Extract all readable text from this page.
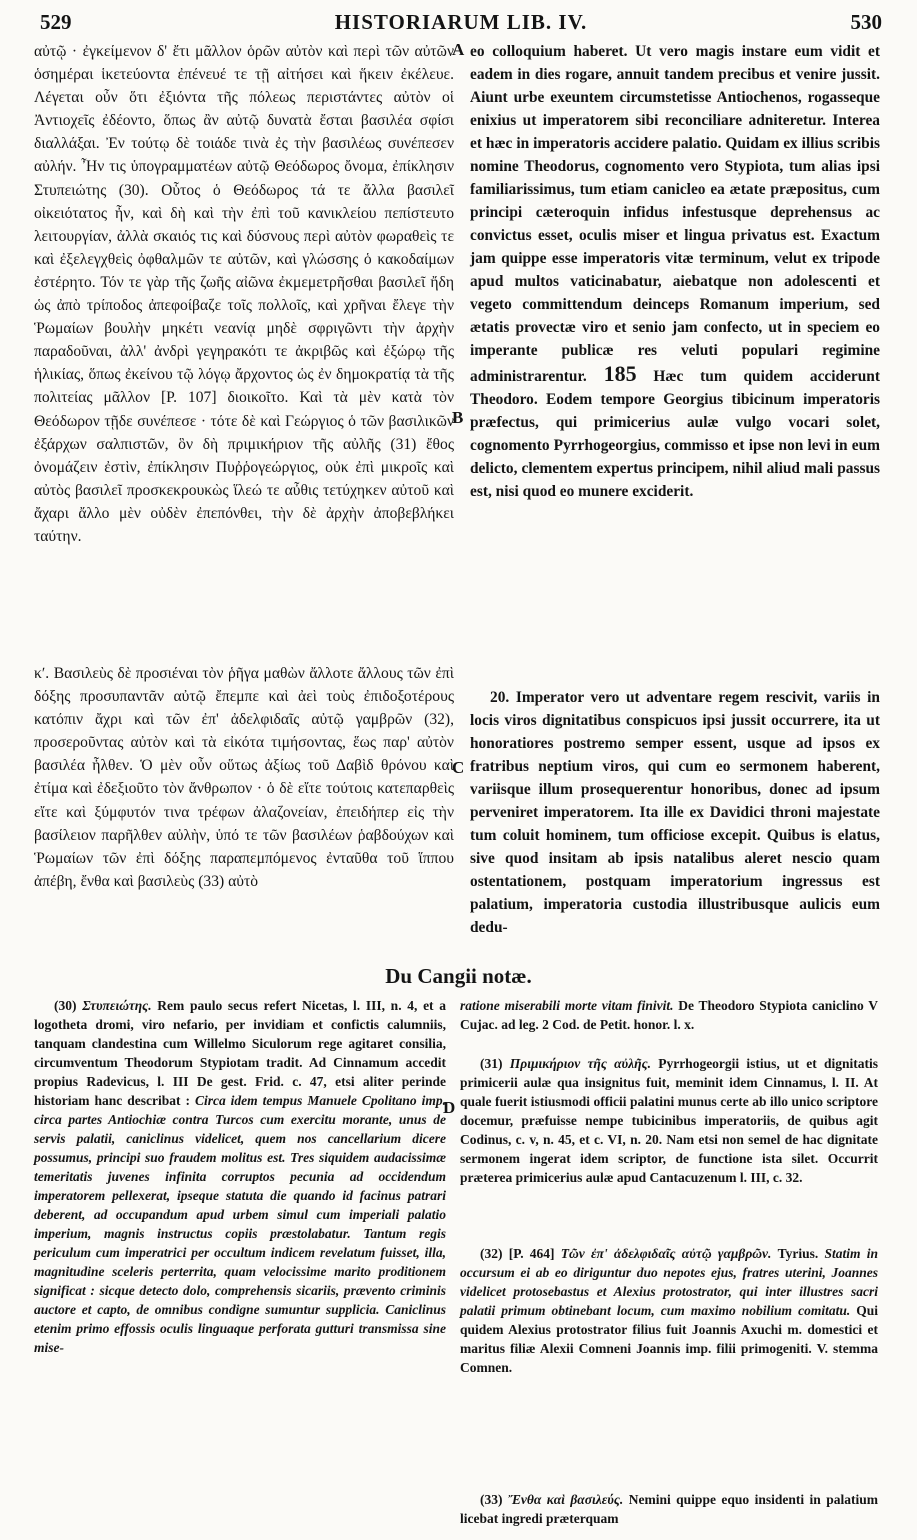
529	HISTORIARUM LIB. IV.	530

αὐτῷ · ἐγκείμενον δ' ἔτι μᾶλλον ὁρῶν αὐτὸν καὶ περὶ τῶν αὐτῶν ὁσημέραι ἱκετεύοντα ἐπένευέ τε τῇ αἰτήσει καὶ ἥκειν ἐκέλευε. Λέγεται οὖν ὅτι ἐξιόντα τῆς πόλεως περιστάντες αὐτὸν οἱ Ἀντιοχεῖς ἐδέοντο, ὅπως ἂν αὐτῷ δυνατὰ ἔσται βασιλέα σφίσι διαλλάξαι. Ἐν τούτῳ δὲ τοιάδε τινὰ ἐς τὴν βασιλέως συνέπεσεν αὐλήν. Ἦν τις ὑπογραμματέων αὐτῷ Θεόδωρος ὄνομα, ἐπίκλησιν Στυπειώτης (30). Οὗτος ὁ Θεόδωρος τά τε ἄλλα βασιλεῖ οἰκειότατος ἦν, καὶ δὴ καὶ τὴν ἐπὶ τοῦ κανικλείου πεπίστευτο λειτουργίαν, ἀλλὰ σκαιός τις καὶ δύσνους περὶ αὐτὸν φωραθεὶς τε καὶ ἐξελεγχθεὶς ὀφθαλμῶν τε αὐτῶν, καὶ γλώσσης ὁ κακοδαίμων ἐστέρητο. Τόν τε γὰρ τῆς ζωῆς αἰῶνα ἐκμεμετρῆσθαι βασιλεῖ ἤδη ὡς ἀπὸ τρίποδος ἀπεφοίβαζε τοῖς πολλοῖς, καὶ χρῆναι ἔλεγε τὴν Ῥωμαίων βουλὴν μηκέτι νεανίᾳ μηδὲ σφριγῶντι τὴν ἀρχὴν παραδοῦναι, ἀλλ' ἀνδρὶ γεγηρακότι τε ἀκριβῶς καὶ ἐξώρῳ τῆς ἡλικίας, ὅπως ἐκείνου τῷ λόγῳ ἄρχοντος ὡς ἐν δημοκρατίᾳ τὰ τῆς πολιτείας μᾶλλον [P. 107] διοικοῖτο. Καὶ τὰ μὲν κατὰ τὸν Θεόδωρον τῇδε συνέπεσε · τότε δὲ καὶ Γεώργιος ὁ τῶν βασιλικῶν ἐξάρχων σαλπιστῶν, ὃν δὴ πριμικήριον τῆς αὐλῆς (31) ἔθος ὀνομάζειν ἐστὶν, ἐπίκλησιν Πυῤῥογεώργιος, οὐκ ἐπὶ μικροῖς καὶ αὐτὸς βασιλεῖ προσκεκρουκὼς ἵλεώ τε αὖθις τετύχηκεν αὐτοῦ καὶ ἄχαρι ἄλλο μὲν οὐδὲν ἐπεπόνθει, τὴν δὲ ἀρχὴν ἀποβεβλήκει ταύτην.

κʹ. Βασιλεὺς δὲ προσιέναι τὸν ῥῆγα μαθὼν ἄλλοτε ἄλλους τῶν ἐπὶ δόξης προσυπαντᾶν αὐτῷ ἔπεμπε καὶ ἀεὶ τοὺς ἐπιδοξοτέρους κατόπιν ἄχρι καὶ τῶν ἐπ' ἀδελφιδαῖς αὐτῷ γαμβρῶν (32), προσεροῦντας αὐτὸν καὶ τὰ εἰκότα τιμήσοντας, ἕως παρ' αὐτὸν βασιλέα ἦλθεν. Ὁ μὲν οὖν οὕτως ἀξίως τοῦ Δαβὶδ θρόνου καὶ ἐτίμα καὶ ἐδεξιοῦτο τὸν ἄνθρωπον · ὁ δὲ εἴτε τούτοις κατεπαρθεὶς εἴτε καὶ ξύμφυτόν τινα τρέφων ἀλαζονείαν, ἐπειδήπερ εἰς τὴν βασίλειον παρῆλθεν αὐλὴν, ὑπό τε τῶν βασιλέων ῥαβδούχων καὶ Ῥωμαίων τῶν ἐπὶ δόξης παραπεμπόμενος ἐνταῦθα τοῦ ἵππου ἀπέβη, ἔνθα καὶ βασιλεὺς (33) αὐτὸ

A
B
C
D

eo colloquium haberet. Ut vero magis instare eum vidit et eadem in dies rogare, annuit tandem precibus et venire jussit. Aiunt urbe exeuntem circumstetisse Antiochenos, rogasseque enixius ut imperatorem sibi reconciliare adniteretur. Interea et hæc in imperatoris accidere palatio. Quidam ex illius scribis nomine Theodorus, cognomento vero Stypiota, tum alias ipsi familiarissimus, tum etiam canicleo ea ætate præpositus, cum principi cæteroquin infidus infestusque deprehensus ac convictus esset, oculis miser et lingua privatus est. Exactum jam quippe esse imperatoris vitæ terminum, velut ex tripode apud multos vaticinabatur, aiebatque non adolescenti et vegeto committendum deinceps Romanum imperium, sed ætatis provectæ viro et senio jam confecto, ut in speciem eo imperante publicæ res veluti populari regimine administrarentur. 185 Hæc tum quidem acciderunt Theodoro. Eodem tempore Georgius tibicinum imperatoris præfectus, qui primicerius aulæ vulgo vocari solet, cognomento Pyrrhogeorgius, commisso et ipse non levi in eum delicto, clementem expertus principem, nihil aliud mali passus est, nisi quod eo munere exciderit.

20. Imperator vero ut adventare regem rescivit, variis in locis viros dignitatibus conspicuos ipsi jussit occurrere, ita ut honoratiores postremo semper essent, usque ad ipsos ex fratribus neptium viros, qui cum eo sermonem haberent, variisque illum prosequerentur honoribus, donec ad ipsum perveniret imperatorem. Ita ille ex Davidici throni majestate tum coluit hominem, tum officiose excepit. Quibus is elatus, sive quod insitam ab ipsis natalibus aleret nescio quam ostentationem, postquam imperatorium ingressus est palatium, imperatoria custodia illustribusque aulicis eum dedu-

Du Cangii notæ.

(30) Στυπειώτης. Rem paulo secus refert Nicetas, l. III, n. 4, et a logotheta dromi, viro nefario, per invidiam et confictis calumniis, tanquam clandestina cum Willelmo Siculorum rege agitaret consilia, circumventum Theodorum Stypiotam tradit. Ad Cinnamum accedit propius Radevicus, l. III De gest. Frid. c. 47, etsi aliter perinde historiam hanc describat : Circa idem tempus Manuele Cpolitano imp. circa partes Antiochiæ contra Turcos cum exercitu morante, unus de servis palatii, caniclinus videlicet, quem nos cancellarium dicere possumus, principi suo fraudem molitus est. Tres siquidem audacissimæ temeritatis juvenes infinita corruptos pecunia ad occidendum imperatorem pellexerat, ipseque statuta die quando id facinus patrari deberent, ad occupandum apud urbem simul cum imperiali palatio imperium, magnis instructus copiis præstolabatur. Tantum regis periculum cum imperatrici per occultum indicem revelatum fuisset, illa, magnitudine sceleris perterrita, quam velocissime marito proditionem significat : sicque detecto dolo, comprehensis sicariis, prævento criminis auctore et capto, de omnibus condigne sumuntur supplicia. Caniclinus etenim primo effossis oculis linguaque perforata gutturi transmissa sine mise-

ratione miserabili morte vitam finivit. De Theodoro Stypiota caniclino V Cujac. ad leg. 2 Cod. de Petit. honor. l. x.

(31) Πριμικήριον τῆς αὐλῆς. Pyrrhogeorgii istius, ut et dignitatis primicerii aulæ qua insignitus fuit, meminit idem Cinnamus, l. II. At quale fuerit istiusmodi officii palatini munus certe ab illo unico scriptore docemur, præfuisse nempe tubicinibus imperatoriis, de quibus agit Codinus, c. v, n. 45, et c. VI, n. 20. Nam etsi non semel de hac dignitate sermonem ingerat idem scriptor, de functione ista silet. Occurrit præterea primicerius aulæ apud Cantacuzenum l. III, c. 32.

(32) [P. 464] Τῶν ἐπ' ἀδελφιδαῖς αὐτῷ γαμβρῶν. Tyrius. Statim in occursum ei ab eo diriguntur duo nepotes ejus, fratres uterini, Joannes videlicet protosebastus et Alexius protostrator, qui inter illustres sacri palatii primum obtinebant locum, cum maximo nobilium comitatu. Qui quidem Alexius protostrator filius fuit Joannis Axuchi m. domestici et maritus filiæ Alexii Comneni Joannis imp. filii primogeniti. V. stemma Comnen.

(33) Ἔνθα καὶ βασιλεύς. Nemini quippe equo insidenti in palatium licebat ingredi præterquam
